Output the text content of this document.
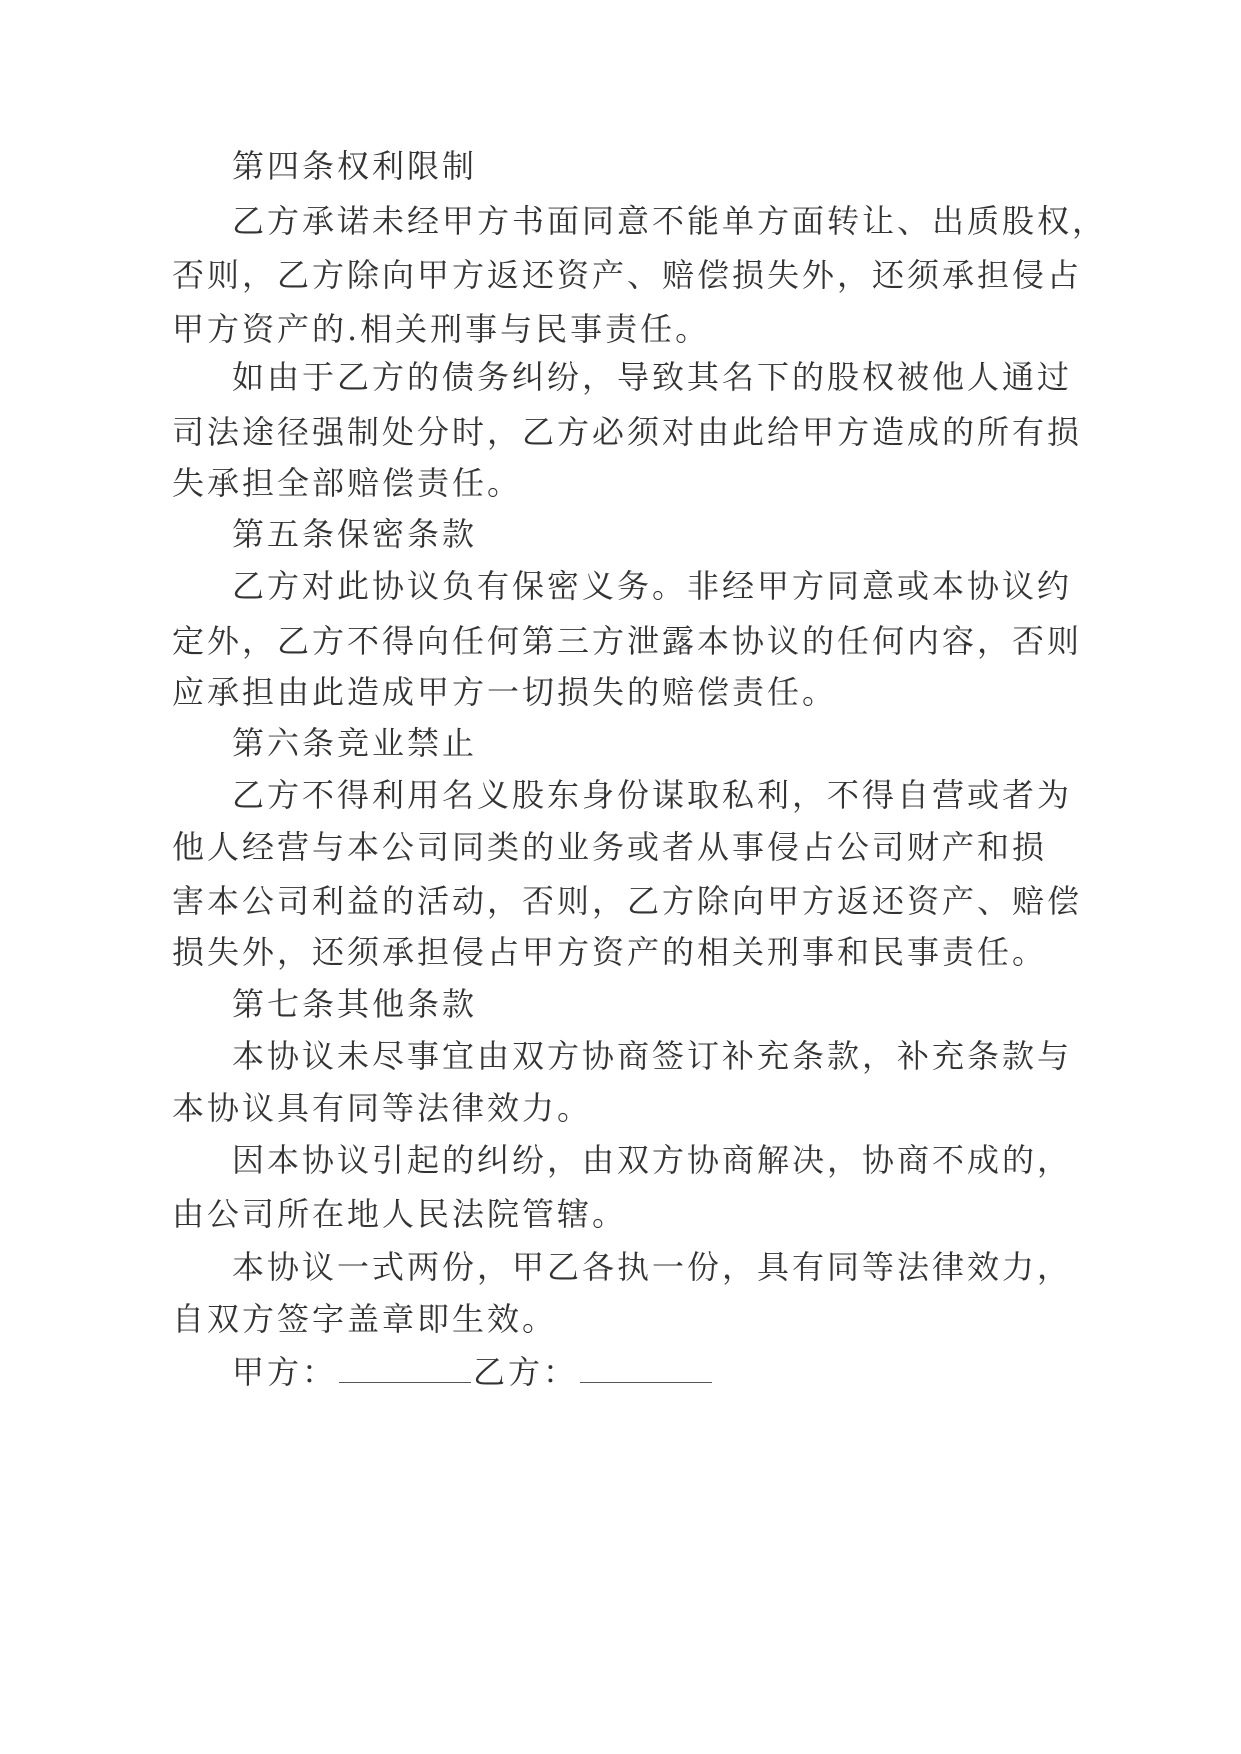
第四条权利限制
乙方承诺未经甲方书面同意不能单方面转让、出质股权，
否则，乙方除向甲方返还资产、赔偿损失外，还须承担侵占
甲方资产的.相关刑事与民事责任。
如由于乙方的债务纠纷，导致其名下的股权被他人通过
司法途径强制处分时，乙方必须对由此给甲方造成的所有损
失承担全部赔偿责任。
第五条保密条款
乙方对此协议负有保密义务。非经甲方同意或本协议约
定外，乙方不得向任何第三方泄露本协议的任何内容，否则
应承担由此造成甲方一切损失的赔偿责任。
第六条竞业禁止
乙方不得利用名义股东身份谋取私利，不得自营或者为
他人经营与本公司同类的业务或者从事侵占公司财产和损
害本公司利益的活动，否则，乙方除向甲方返还资产、赔偿
损失外，还须承担侵占甲方资产的相关刑事和民事责任。
第七条其他条款
本协议未尽事宜由双方协商签订补充条款，补充条款与
本协议具有同等法律效力。
因本协议引起的纠纷，由双方协商解决，协商不成的，
由公司所在地人民法院管辖。
本协议一式两份，甲乙各执一份，具有同等法律效力，
自双方签字盖章即生效。
甲方：	乙方：
